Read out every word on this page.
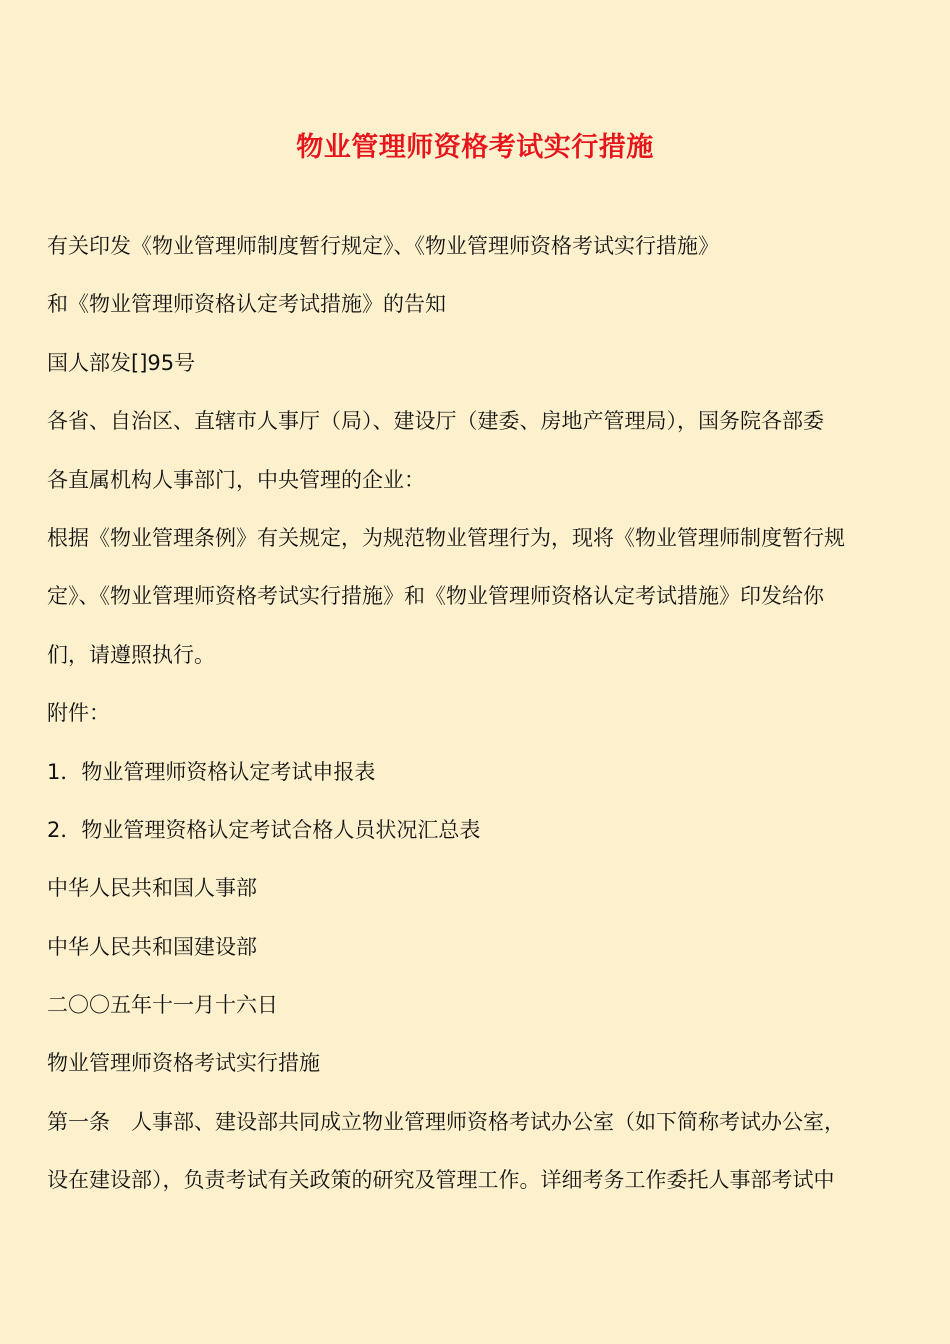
物业管理师资格考试实行措施
有关印发《物业管理师制度暂行规定》、《物业管理师资格考试实行措施》
和《物业管理师资格认定考试措施》的告知
国人部发[]95号
各省、自治区、直辖市人事厅（局）、建设厅（建委、房地产管理局），国务院各部委
各直属机构人事部门，中央管理的企业：
根据《物业管理条例》有关规定，为规范物业管理行为，现将《物业管理师制度暂行规
定》、《物业管理师资格考试实行措施》和《物业管理师资格认定考试措施》印发给你
们，请遵照执行。
附件：
1．物业管理师资格认定考试申报表
2．物业管理资格认定考试合格人员状况汇总表
中华人民共和国人事部
中华人民共和国建设部
二〇〇五年十一月十六日
物业管理师资格考试实行措施
第一条　人事部、建设部共同成立物业管理师资格考试办公室（如下简称考试办公室，
设在建设部），负责考试有关政策的研究及管理工作。详细考务工作委托人事部考试中
